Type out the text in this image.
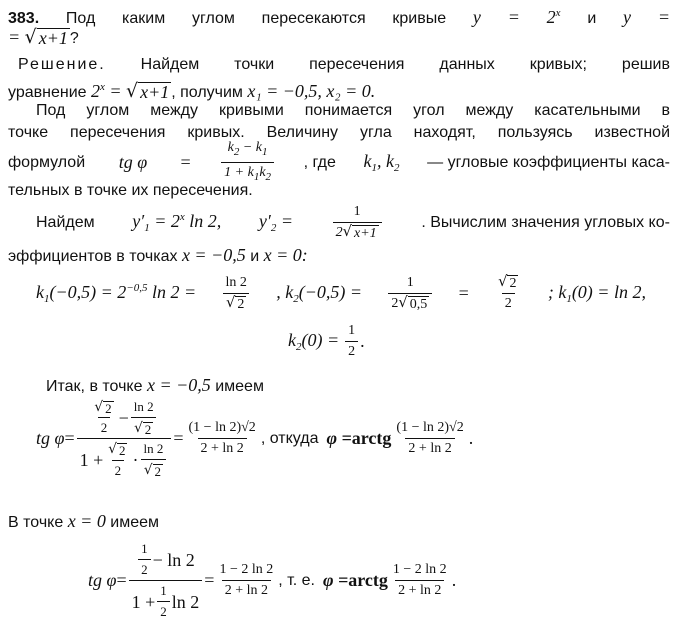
383. Под каким углом пересекаются кривые $y = 2^x$ и y =
= √ x+1 ?
Решение. Найдем точки пересечения данных кривых; решив
уравнение $2^x$ = √ x+1 , получим x₁ = −0,5, x₂ = 0.
Под углом между кривыми понимается угол между касательными в
точке пересечения кривых. Величину угла находят, пользуясь известной
формулой tg $\varphi = \frac{k_2 - k_1}{1 + k_1k_2}$ , где $k_1$, $k_2$ — угловые коэффициенты каса-
тельных в точке их пересечения.
Найдем $y'_1 = 2^x$ ln 2, $y'_2$ =	$\frac{1}{2 √ x+1}$ . Вычислим значения угловых ко-
эффициентов в точках x = −0,5 и x = 0:
$k_1(-0,5) = 2^{-0,5}$ $\ln 2 = \frac{\ln 2}{√ 2}$ , $k_2(-0,5) = \frac{1}{2 √ 0,5} = \frac{√ 2}{2}$ ; $k_1(0) = \ln 2$,
$k_2(0) = \frac{1}{2}$ .
Итак, в точке x = −0,5 имеем
tg $\varphi = \frac{\frac{√ 2}{2} - \frac{\ln 2}{√ 2}}{1 + \frac{√ 2}{2} \cdot \frac{\ln 2}{√ 2}} = \frac{(1 - \ln 2)√2}{2 + \ln 2}$ , откуда φ = arctg $\frac{(1 - \ln 2)√2}{2 + \ln 2}$ .
В точке x = 0 имеем
tg $\varphi = \frac{\frac{1}{2} - \ln 2}{1 + \frac{1}{2} \ln 2} = \frac{1 - 2 \ln 2}{2 + \ln 2}$ , т. е. φ = arctg $\frac{1 - 2 \ln 2}{2 + \ln 2}$ .
